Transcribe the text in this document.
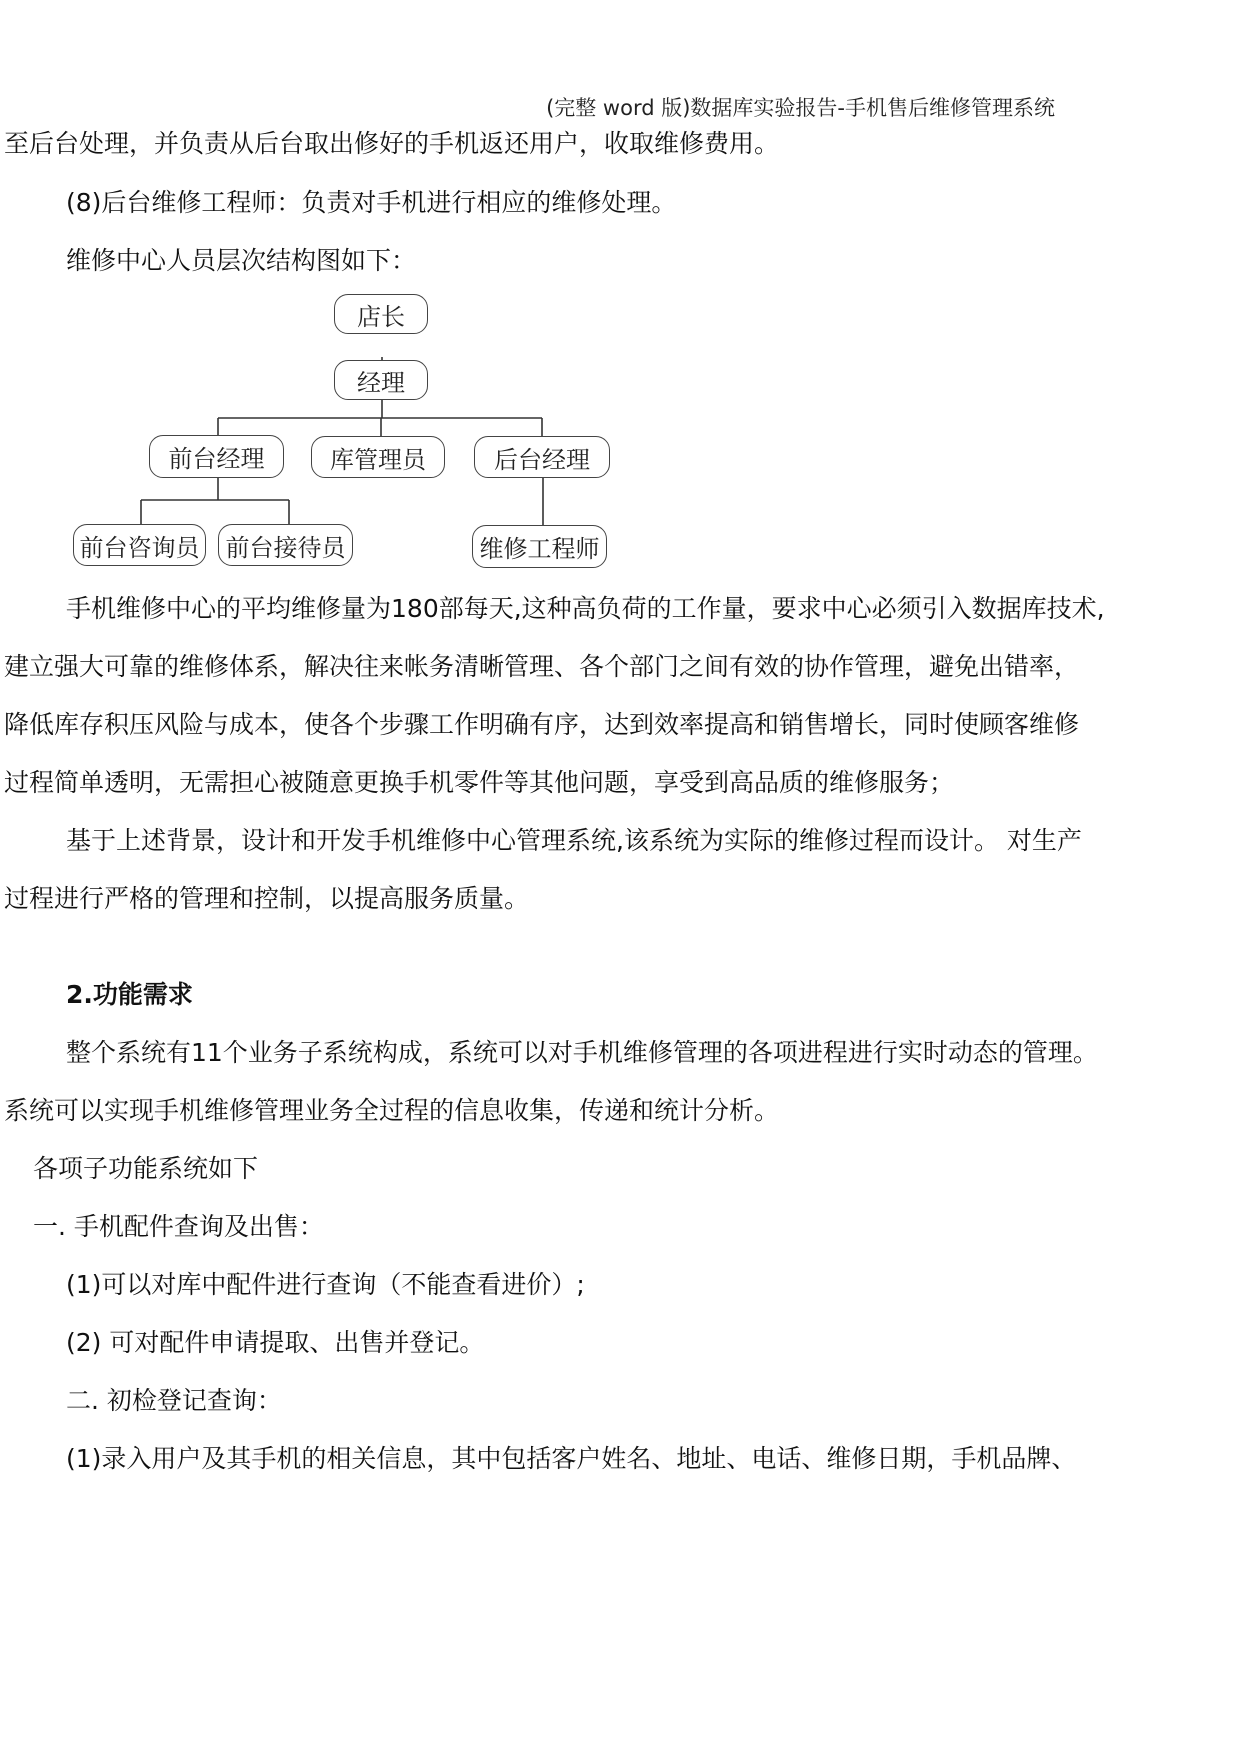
(完整 word 版)数据库实验报告-手机售后维修管理系统

至后台处理，并负责从后台取出修好的手机返还用户，收取维修费用。

(8)后台维修工程师：负责对手机进行相应的维修处理。

维修中心人员层次结构图如下：

店长
经理
前台经理	库管理员	后台经理
前台咨询员	前台接待员	维修工程师

手机维修中心的平均维修量为180部每天,这种高负荷的工作量，要求中心必须引入数据库技术,

建立强大可靠的维修体系，解决往来帐务清晰管理、各个部门之间有效的协作管理，避免出错率，

降低库存积压风险与成本，使各个步骤工作明确有序，达到效率提高和销售增长，同时使顾客维修

过程简单透明，无需担心被随意更换手机零件等其他问题，享受到高品质的维修服务；

基于上述背景，设计和开发手机维修中心管理系统,该系统为实际的维修过程而设计。 对生产

过程进行严格的管理和控制，以提高服务质量。

2.功能需求

整个系统有11个业务子系统构成，系统可以对手机维修管理的各项进程进行实时动态的管理。

系统可以实现手机维修管理业务全过程的信息收集，传递和统计分析。

各项子功能系统如下

一. 手机配件查询及出售：

(1)可以对库中配件进行查询（不能查看进价）;

(2) 可对配件申请提取、出售并登记。

二. 初检登记查询：

(1)录入用户及其手机的相关信息，其中包括客户姓名、地址、电话、维修日期，手机品牌、
